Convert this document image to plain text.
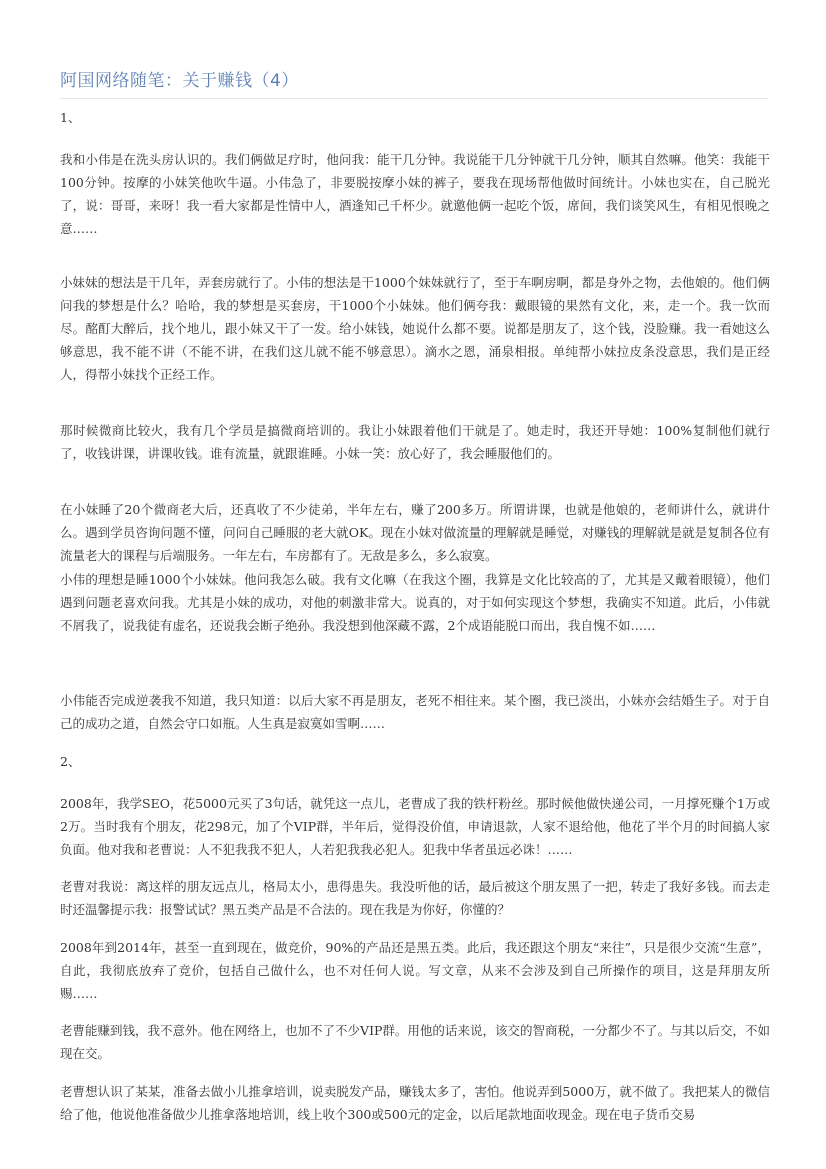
阿国网络随笔：关于赚钱（4）

1、

我和小伟是在洗头房认识的。我们俩做足疗时，他问我：能干几分钟。我说能干几分钟就干几分钟，顺其自然嘛。他笑：我能干100分钟。按摩的小妹笑他吹牛逼。小伟急了，非要脱按摩小妹的裤子，要我在现场帮他做时间统计。小妹也实在，自己脱光了，说：哥哥，来呀！我一看大家都是性情中人，酒逢知己千杯少。就邀他俩一起吃个饭，席间，我们谈笑风生，有相见恨晚之意……

小妹妹的想法是干几年，弄套房就行了。小伟的想法是干1000个妹妹就行了，至于车啊房啊，都是身外之物，去他娘的。他们俩问我的梦想是什么？哈哈，我的梦想是买套房，干1000个小妹妹。他们俩夸我：戴眼镜的果然有文化，来，走一个。我一饮而尽。酩酊大醉后，找个地儿，跟小妹又干了一发。给小妹钱，她说什么都不要。说都是朋友了，这个钱，没脸赚。我一看她这么够意思，我不能不讲（不能不讲，在我们这儿就不能不够意思）。滴水之恩，涌泉相报。单纯帮小妹拉皮条没意思，我们是正经人，得帮小妹找个正经工作。

那时候微商比较火，我有几个学员是搞微商培训的。我让小妹跟着他们干就是了。她走时，我还开导她：100%复制他们就行了，收钱讲课，讲课收钱。谁有流量，就跟谁睡。小妹一笑：放心好了，我会睡服他们的。

在小妹睡了20个微商老大后，还真收了不少徒弟，半年左右，赚了200多万。所谓讲课，也就是他娘的，老师讲什么，就讲什么。遇到学员咨询问题不懂，问问自己睡服的老大就OK。现在小妹对做流量的理解就是睡觉，对赚钱的理解就是就是复制各位有流量老大的课程与后端服务。一年左右，车房都有了。无敌是多么，多么寂寞。

小伟的理想是睡1000个小妹妹。他问我怎么破。我有文化嘛（在我这个圈，我算是文化比较高的了，尤其是又戴着眼镜），他们遇到问题老喜欢问我。尤其是小妹的成功，对他的刺激非常大。说真的，对于如何实现这个梦想，我确实不知道。此后，小伟就不屑我了，说我徒有虚名，还说我会断子绝孙。我没想到他深藏不露，2个成语能脱口而出，我自愧不如……

小伟能否完成逆袭我不知道，我只知道：以后大家不再是朋友，老死不相往来。某个圈，我已淡出，小妹亦会结婚生子。对于自己的成功之道，自然会守口如瓶。人生真是寂寞如雪啊……

2、

2008年，我学SEO，花5000元买了3句话，就凭这一点儿，老曹成了我的铁杆粉丝。那时候他做快递公司，一月撑死赚个1万或2万。当时我有个朋友，花298元，加了个VIP群，半年后，觉得没价值，申请退款，人家不退给他，他花了半个月的时间搞人家负面。他对我和老曹说：人不犯我我不犯人，人若犯我我必犯人。犯我中华者虽远必诛！……

老曹对我说：离这样的朋友远点儿，格局太小，患得患失。我没听他的话，最后被这个朋友黑了一把，转走了我好多钱。而去走时还温馨提示我：报警试试？黑五类产品是不合法的。现在我是为你好，你懂的？

2008年到2014年，甚至一直到现在，做竞价，90%的产品还是黑五类。此后，我还跟这个朋友“来往”，只是很少交流“生意”，自此，我彻底放弃了竞价，包括自己做什么，也不对任何人说。写文章，从来不会涉及到自己所操作的项目，这是拜朋友所赐……

老曹能赚到钱，我不意外。他在网络上，也加不了不少VIP群。用他的话来说，该交的智商税，一分都少不了。与其以后交，不如现在交。

老曹想认识了某某，准备去做小儿推拿培训，说卖脱发产品，赚钱太多了，害怕。他说弄到5000万，就不做了。我把某人的微信给了他，他说他准备做少儿推拿落地培训，线上收个300或500元的定金，以后尾款地面收现金。现在电子货币交易
